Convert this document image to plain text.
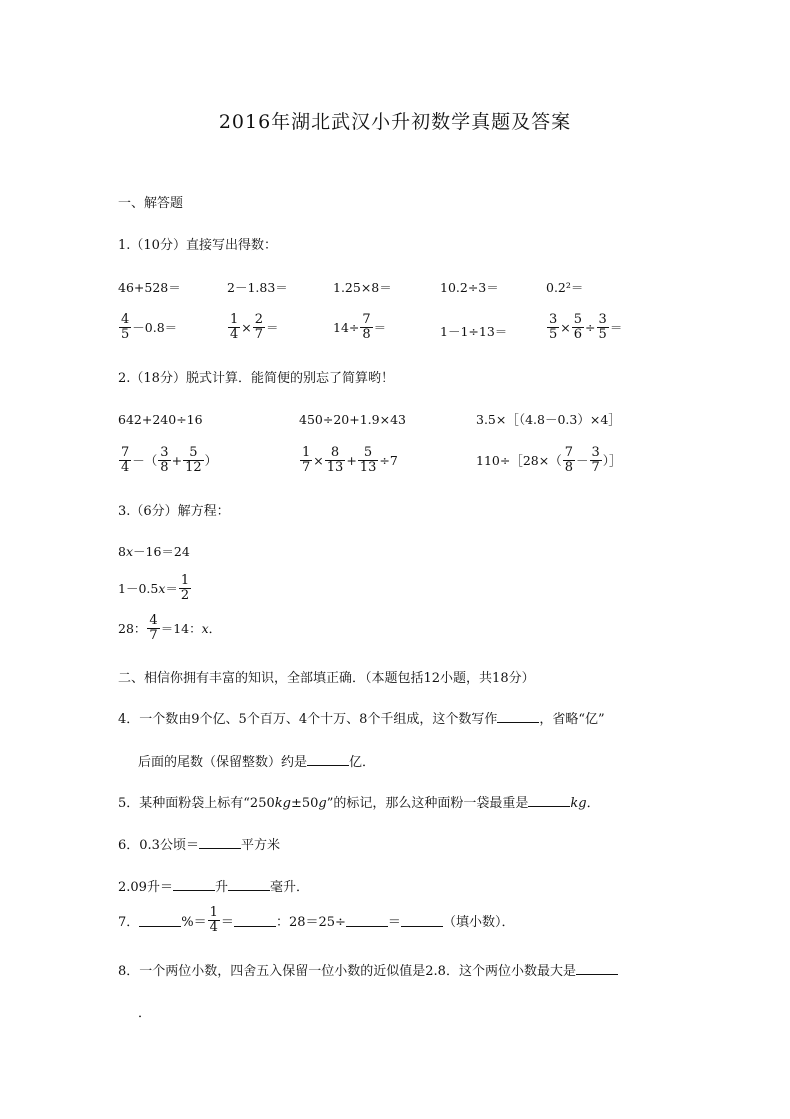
2016年湖北武汉小升初数学真题及答案
一、解答题
1.（10分）直接写出得数：
46+528＝	2－1.83＝	1.25×8＝	10.2÷3＝	0.2²＝
$\frac{4}{5} -0.8=$	$\frac{1}{4} \times \frac{2}{7}$ ＝	$14\div \frac{7}{8}$ ＝	1－1÷13＝	$\frac{3}{5} \times \frac{5}{6} \div \frac{3}{5}$ ＝
2.（18分）脱式计算．能简便的别忘了简算哟！
642+240÷16	450÷20+1.9×43	3.5×［（4.8－0.3）×4］
$\frac{7}{4}$ －（ $\frac{3}{8} + \frac{5}{12}$ ）	$\frac{1}{7} \times \frac{8}{13} + \frac{5}{13} \div 7$	110÷［28×（ $\frac{7}{8} - \frac{3}{7}$ ）］
3.（6分）解方程：
8x－16＝24
1－0.5 $x = \frac{1}{2}$
28： $\frac{4}{7} =14$： x ．
二、相信你拥有丰富的知识，全部填正确．（本题包括12小题，共18分）
4．一个数由9个亿、5个百万、4个十万、8个千组成，这个数写作	，省略“亿”
后面的尾数（保留整数）约是	亿．
5．某种面粉袋上标有“250kg±50g”的标记，那么这种面粉一袋最重是	kg．
6．0.3公顷＝	平方米
2.09升＝	升	毫升．
7．	%＝ $\frac{1}{4}$ ＝	：28＝25÷	＝	（填小数）．
8．一个两位小数，四舍五入保留一位小数的近似值是2.8．这个两位小数最大是
．
